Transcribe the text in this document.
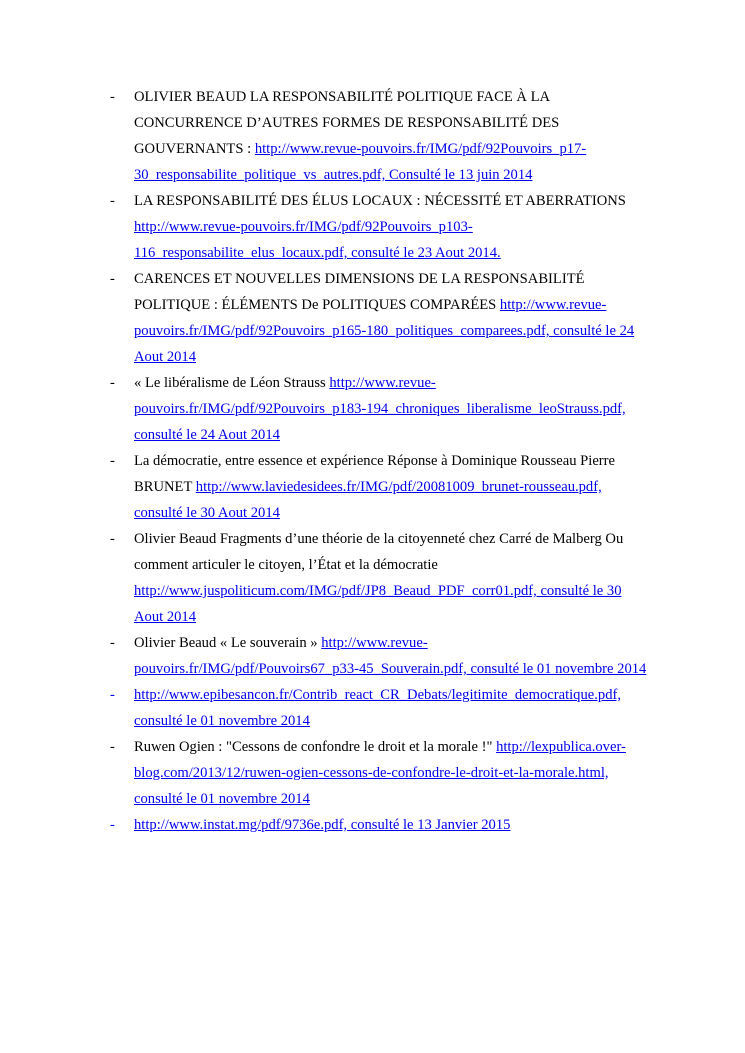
- OLIVIER BEAUD LA RESPONSABILITÉ POLITIQUE FACE À LA CONCURRENCE D’AUTRES FORMES DE RESPONSABILITÉ DES GOUVERNANTS : http://www.revue-pouvoirs.fr/IMG/pdf/92Pouvoirs_p17-30_responsabilite_politique_vs_autres.pdf, Consulté le 13 juin 2014
- LA RESPONSABILITÉ DES ÉLUS LOCAUX : NÉCESSITÉ ET ABERRATIONS http://www.revue-pouvoirs.fr/IMG/pdf/92Pouvoirs_p103-116_responsabilite_elus_locaux.pdf, consulté le 23 Aout 2014.
- CARENCES ET NOUVELLES DIMENSIONS DE LA RESPONSABILITÉ POLITIQUE : ÉLÉMENTS De POLITIQUES COMPARÉES http://www.revue-pouvoirs.fr/IMG/pdf/92Pouvoirs_p165-180_politiques_comparees.pdf, consulté le 24 Aout 2014
- « Le libéralisme de Léon Strauss http://www.revue-pouvoirs.fr/IMG/pdf/92Pouvoirs_p183-194_chroniques_liberalisme_leoStrauss.pdf, consulté le 24 Aout 2014
- La démocratie, entre essence et expérience Réponse à Dominique Rousseau Pierre BRUNET http://www.laviedesidees.fr/IMG/pdf/20081009_brunet-rousseau.pdf, consulté le 30 Aout 2014
- Olivier Beaud Fragments d’une théorie de la citoyenneté chez Carré de Malberg Ou comment articuler le citoyen, l’État et la démocratie http://www.juspoliticum.com/IMG/pdf/JP8_Beaud_PDF_corr01.pdf, consulté le 30 Aout 2014
- Olivier Beaud « Le souverain » http://www.revue-pouvoirs.fr/IMG/pdf/Pouvoirs67_p33-45_Souverain.pdf, consulté le 01 novembre 2014
- http://www.epibesancon.fr/Contrib_react_CR_Debats/legitimite_democratique.pdf, consulté le 01 novembre 2014
- Ruwen Ogien : "Cessons de confondre le droit et la morale !" http://lexpublica.over-blog.com/2013/12/ruwen-ogien-cessons-de-confondre-le-droit-et-la-morale.html, consulté le 01 novembre 2014
- http://www.instat.mg/pdf/9736e.pdf, consulté le 13 Janvier 2015
